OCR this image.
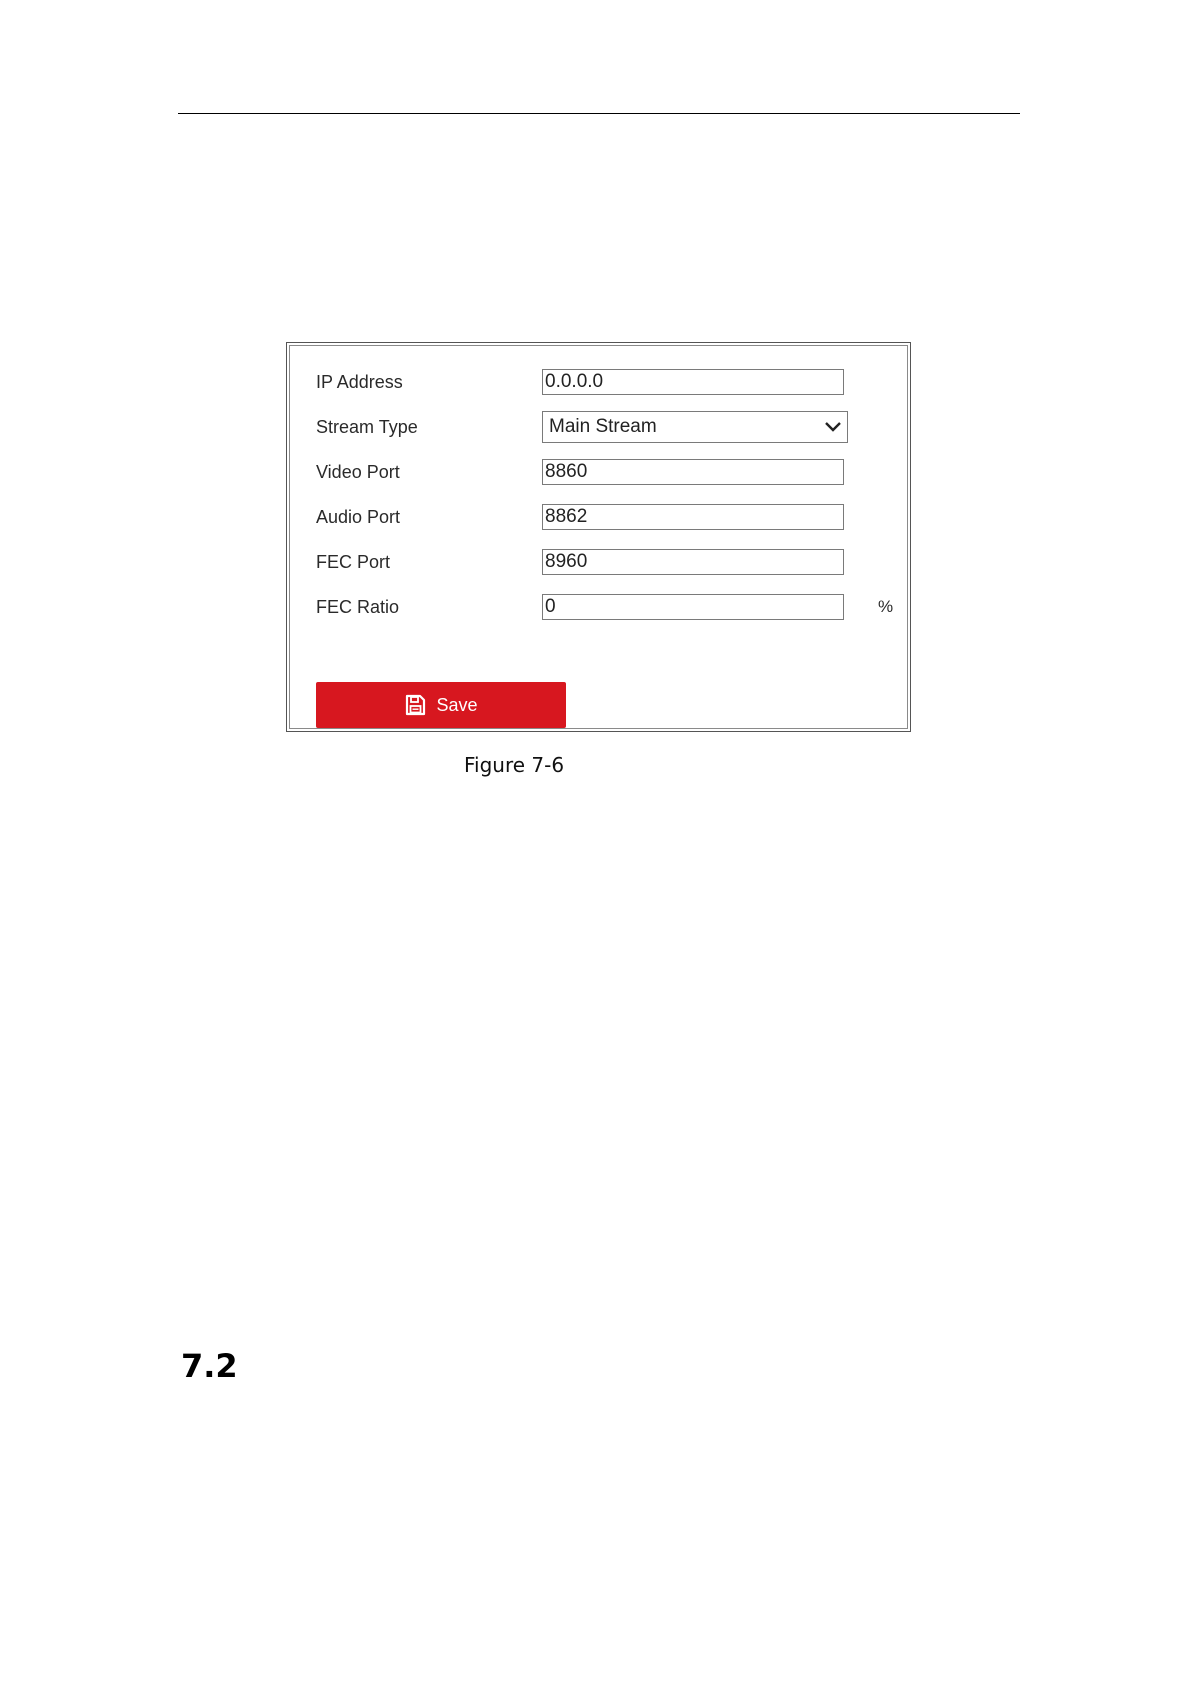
IP Address	0.0.0.0
Stream Type	Main Stream
Video Port	8860
Audio Port	8862
FEC Port	8960
FEC Ratio	0	%
Save
Figure 7-6
7.2
